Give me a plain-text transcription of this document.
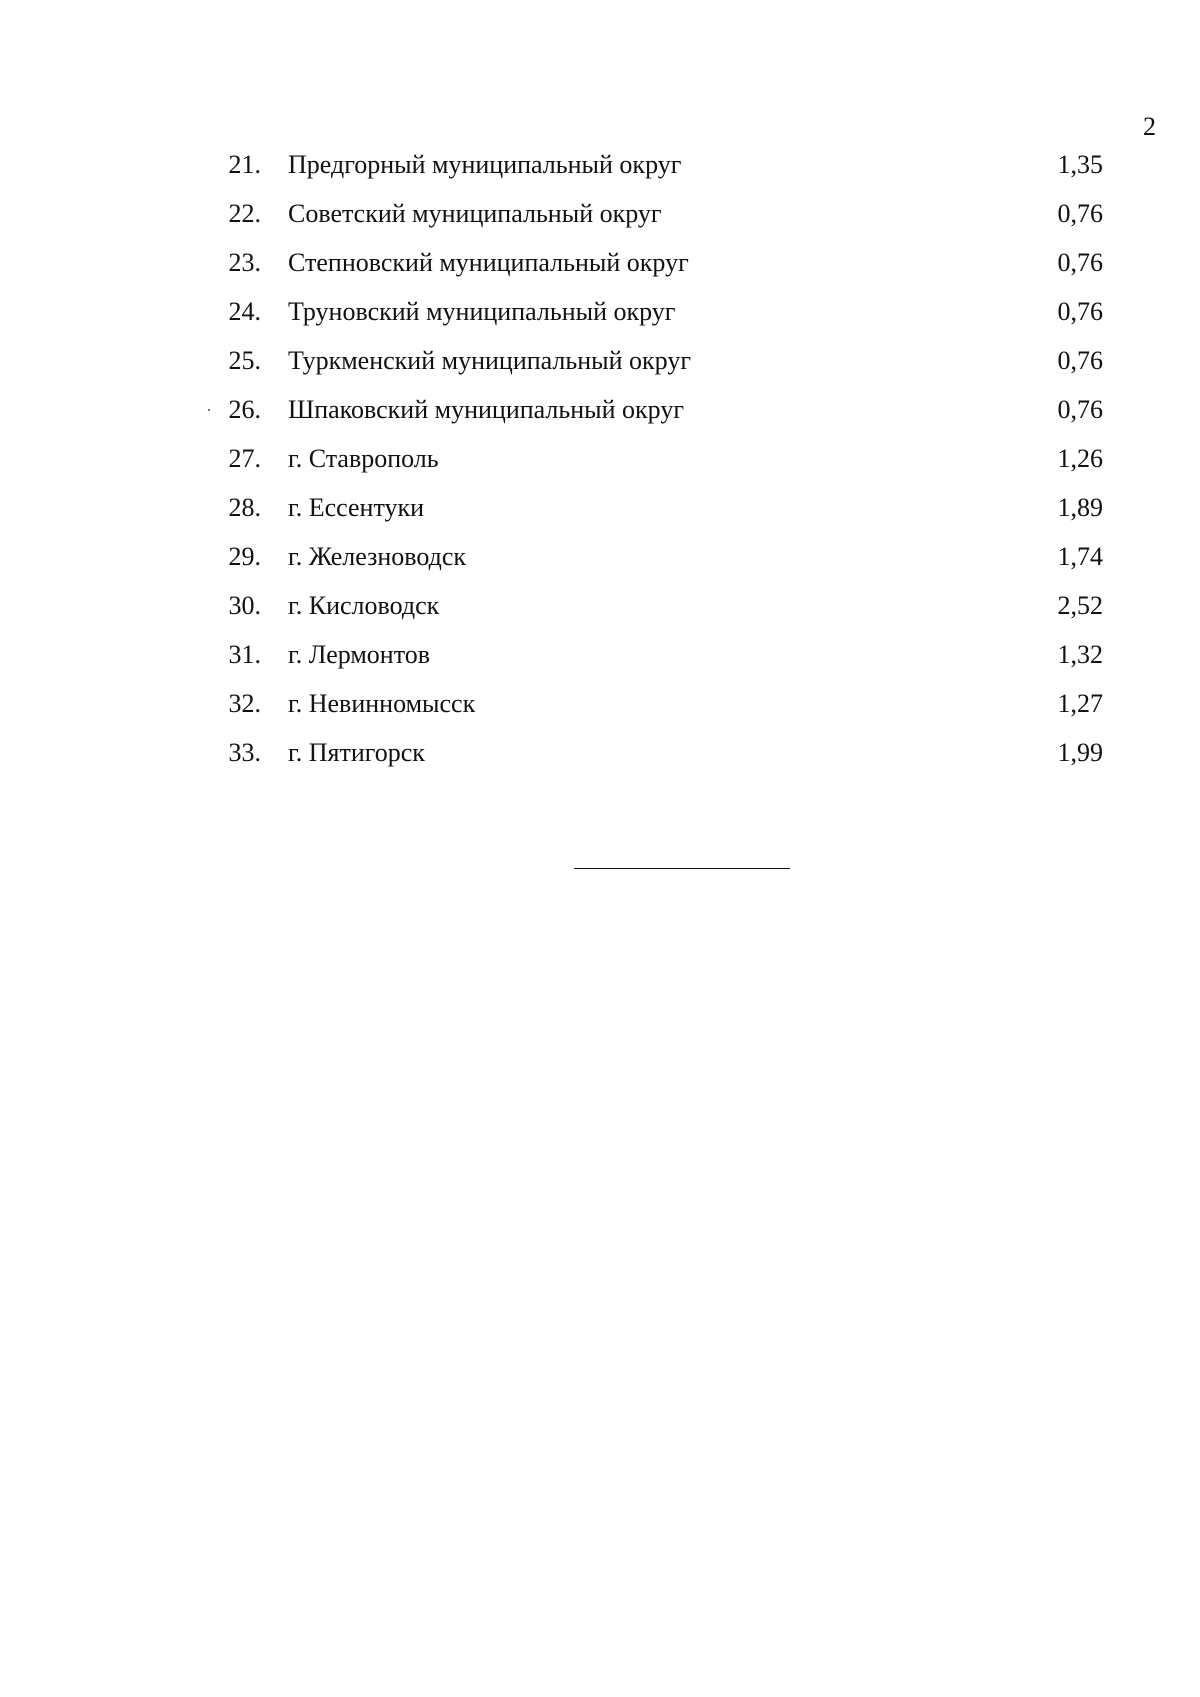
2
21. Предгорный муниципальный округ	1,35
22. Советский муниципальный округ	0,76
23. Степновский муниципальный округ	0,76
24. Труновский муниципальный округ	0,76
25. Туркменский муниципальный округ	0,76
26. Шпаковский муниципальный округ	0,76
27. г. Ставрополь	1,26
28. г. Ессентуки	1,89
29. г. Железноводск	1,74
30. г. Кисловодск	2,52
31. г. Лермонтов	1,32
32. г. Невинномысск	1,27
33. г. Пятигорск	1,99
